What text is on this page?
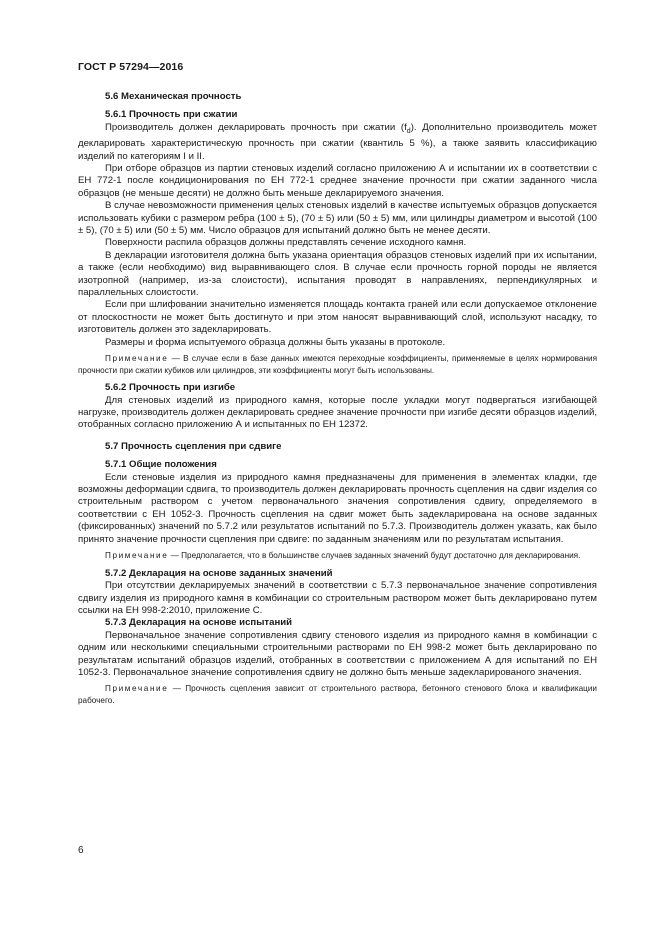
ГОСТ Р 57294—2016

5.6 Механическая прочность

5.6.1 Прочность при сжатии

Производитель должен декларировать прочность при сжатии $(f_d)$. Дополнительно производитель может декларировать характеристическую прочность при сжатии (квантиль 5 %), а также заявить классификацию изделий по категориям I и II.

При отборе образцов из партии стеновых изделий согласно приложению А и испытании их в соответствии с ЕН 772-1 после кондиционирования по ЕН 772-1 среднее значение прочности при сжатии заданного числа образцов (не меньше десяти) не должно быть меньше декларируемого значения.

В случае невозможности применения целых стеновых изделий в качестве испытуемых образцов допускается использовать кубики с размером ребра (100 ± 5), (70 ± 5) или (50 ± 5) мм, или цилиндры диаметром и высотой (100 ± 5), (70 ± 5) или (50 ± 5) мм. Число образцов для испытаний должно быть не менее десяти.

Поверхности распила образцов должны представлять сечение исходного камня.

В декларации изготовителя должна быть указана ориентация образцов стеновых изделий при их испытании, а также (если необходимо) вид выравнивающего слоя. В случае если прочность горной породы не является изотропной (например, из-за слоистости), испытания проводят в направлениях, перпендикулярных и параллельных слоистости.

Если при шлифовании значительно изменяется площадь контакта граней или если допускаемое отклонение от плоскостности не может быть достигнуто и при этом наносят выравнивающий слой, используют насадку, то изготовитель должен это задекларировать.

Размеры и форма испытуемого образца должны быть указаны в протоколе.

Примечание — В случае если в базе данных имеются переходные коэффициенты, применяемые в целях нормирования прочности при сжатии кубиков или цилиндров, эти коэффициенты могут быть использованы.

5.6.2 Прочность при изгибе

Для стеновых изделий из природного камня, которые после укладки могут подвергаться изгибающей нагрузке, производитель должен декларировать среднее значение прочности при изгибе десяти образцов изделий, отобранных согласно приложению А и испытанных по ЕН 12372.

5.7 Прочность сцепления при сдвиге

5.7.1 Общие положения

Если стеновые изделия из природного камня предназначены для применения в элементах кладки, где возможны деформации сдвига, то производитель должен декларировать прочность сцепления на сдвиг изделия со строительным раствором с учетом первоначального значения сопротивления сдвигу, определяемого в соответствии с ЕН 1052-3. Прочность сцепления на сдвиг может быть задекларирована на основе заданных (фиксированных) значений по 5.7.2 или результатов испытаний по 5.7.3. Производитель должен указать, как было принято значение прочности сцепления при сдвиге: по заданным значениям или по результатам испытания.

Примечание — Предполагается, что в большинстве случаев заданных значений будут достаточно для декларирования.

5.7.2 Декларация на основе заданных значений

При отсутствии декларируемых значений в соответствии с 5.7.3 первоначальное значение сопротивления сдвигу изделия из природного камня в комбинации со строительным раствором может быть декларировано путем ссылки на ЕН 998-2:2010, приложение С.

5.7.3 Декларация на основе испытаний

Первоначальное значение сопротивления сдвигу стенового изделия из природного камня в комбинации с одним или несколькими специальными строительными растворами по ЕН 998-2 может быть декларировано по результатам испытаний образцов изделий, отобранных в соответствии с приложением А для испытаний по ЕН 1052-3. Первоначальное значение сопротивления сдвигу не должно быть меньше задекларированого значения.

Примечание — Прочность сцепления зависит от строительного раствора, бетонного стенового блока и квалификации рабочего.

6
